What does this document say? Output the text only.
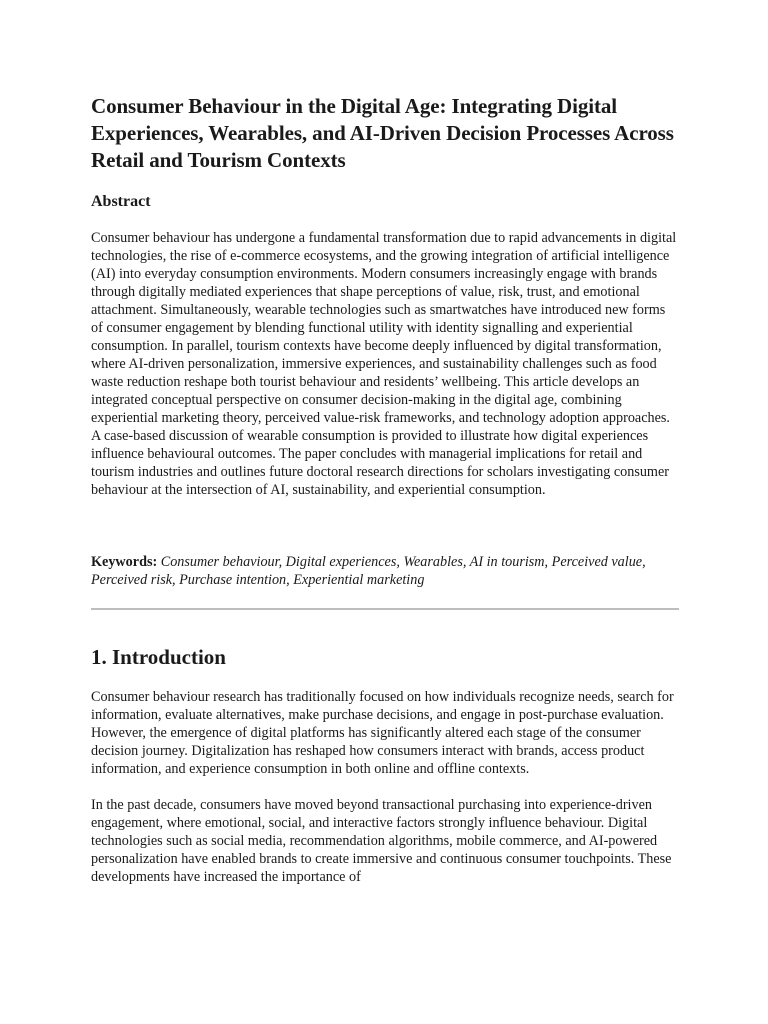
Consumer Behaviour in the Digital Age: Integrating Digital Experiences, Wearables, and AI-Driven Decision Processes Across Retail and Tourism Contexts
Abstract

Consumer behaviour has undergone a fundamental transformation due to rapid advancements in digital technologies, the rise of e-commerce ecosystems, and the growing integration of artificial intelligence (AI) into everyday consumption environments. Modern consumers increasingly engage with brands through digitally mediated experiences that shape perceptions of value, risk, trust, and emotional attachment. Simultaneously, wearable technologies such as smartwatches have introduced new forms of consumer engagement by blending functional utility with identity signalling and experiential consumption. In parallel, tourism contexts have become deeply influenced by digital transformation, where AI-driven personalization, immersive experiences, and sustainability challenges such as food waste reduction reshape both tourist behaviour and residents’ wellbeing. This article develops an integrated conceptual perspective on consumer decision-making in the digital age, combining experiential marketing theory, perceived value-risk frameworks, and technology adoption approaches. A case-based discussion of wearable consumption is provided to illustrate how digital experiences influence behavioural outcomes. The paper concludes with managerial implications for retail and tourism industries and outlines future doctoral research directions for scholars investigating consumer behaviour at the intersection of AI, sustainability, and experiential consumption.

Keywords: Consumer behaviour, Digital experiences, Wearables, AI in tourism, Perceived value, Perceived risk, Purchase intention, Experiential marketing

1. Introduction

Consumer behaviour research has traditionally focused on how individuals recognize needs, search for information, evaluate alternatives, make purchase decisions, and engage in post-purchase evaluation. However, the emergence of digital platforms has significantly altered each stage of the consumer decision journey. Digitalization has reshaped how consumers interact with brands, access product information, and experience consumption in both online and offline contexts.

In the past decade, consumers have moved beyond transactional purchasing into experience-driven engagement, where emotional, social, and interactive factors strongly influence behaviour. Digital technologies such as social media, recommendation algorithms, mobile commerce, and AI-powered personalization have enabled brands to create immersive and continuous consumer touchpoints. These developments have increased the importance of
